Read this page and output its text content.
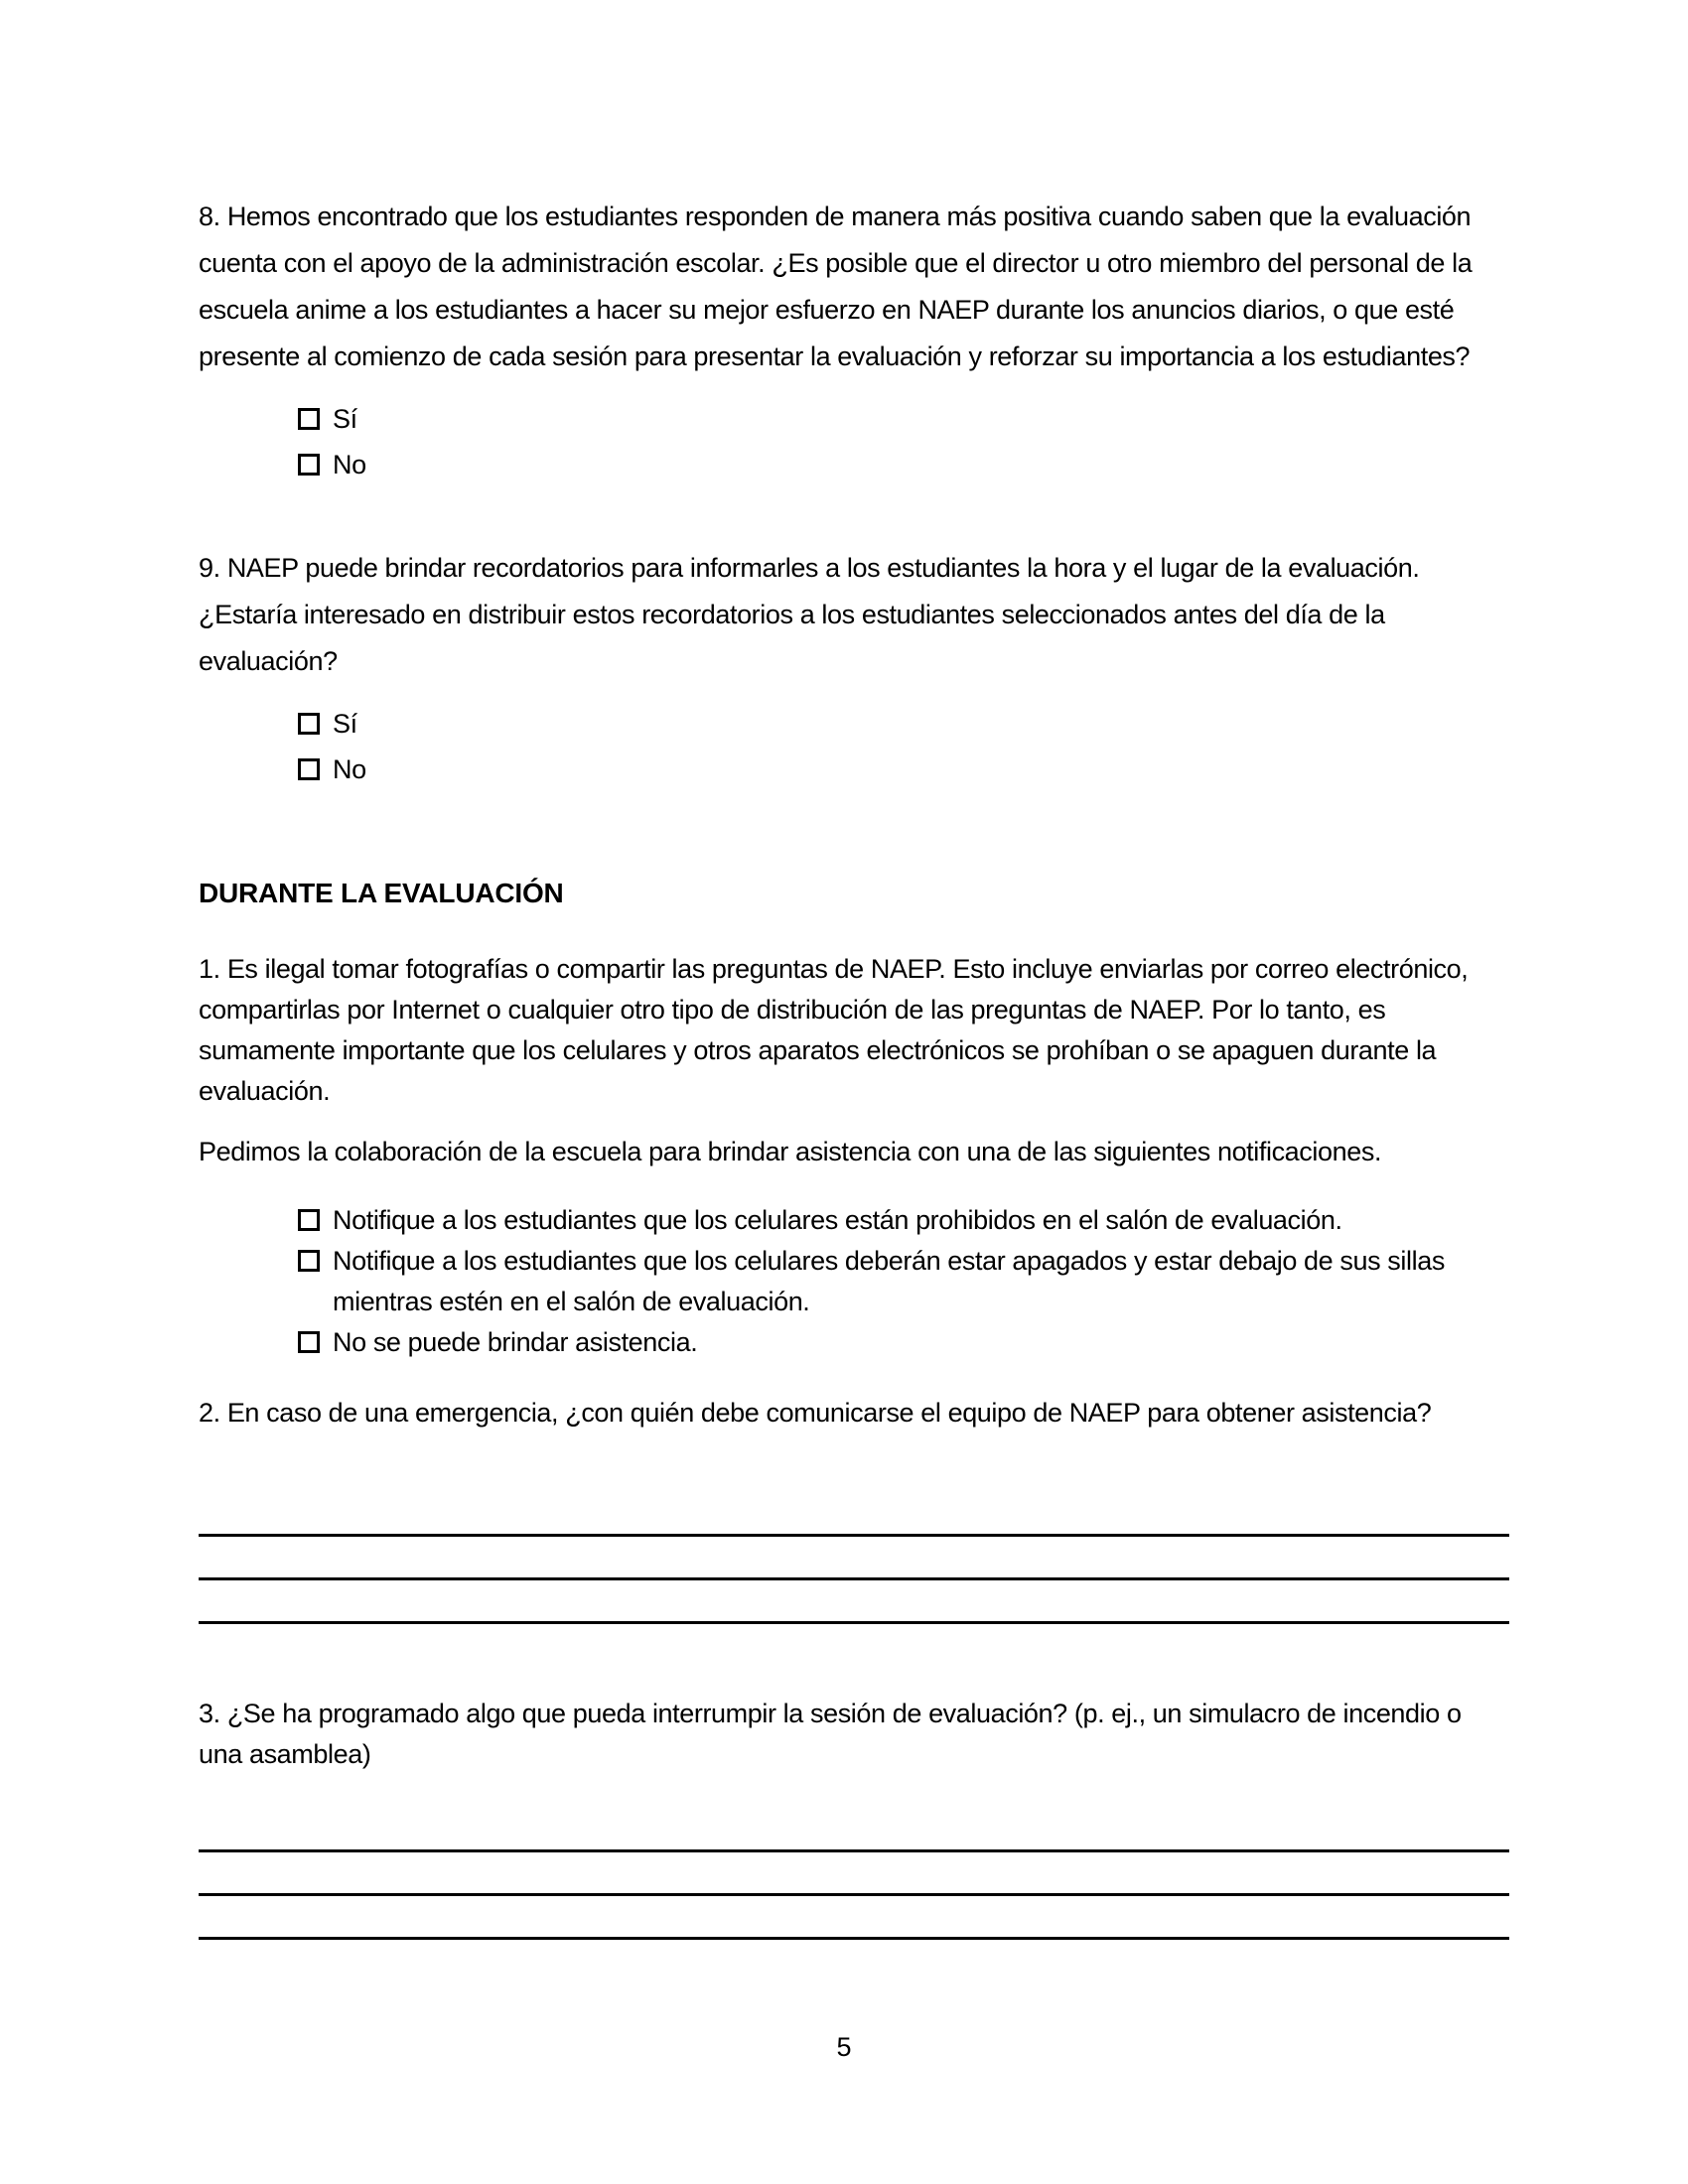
8. Hemos encontrado que los estudiantes responden de manera más positiva cuando saben que la evaluación cuenta con el apoyo de la administración escolar. ¿Es posible que el director u otro miembro del personal de la escuela anime a los estudiantes a hacer su mejor esfuerzo en NAEP durante los anuncios diarios, o que esté presente al comienzo de cada sesión para presentar la evaluación y reforzar su importancia a los estudiantes?

Sí
No

9. NAEP puede brindar recordatorios para informarles a los estudiantes la hora y el lugar de la evaluación. ¿Estaría interesado en distribuir estos recordatorios a los estudiantes seleccionados antes del día de la evaluación?

Sí
No
DURANTE LA EVALUACIÓN

1. Es ilegal tomar fotografías o compartir las preguntas de NAEP. Esto incluye enviarlas por correo electrónico, compartirlas por Internet o cualquier otro tipo de distribución de las preguntas de NAEP. Por lo tanto, es sumamente importante que los celulares y otros aparatos electrónicos se prohíban o se apaguen durante la evaluación.

Pedimos la colaboración de la escuela para brindar asistencia con una de las siguientes notificaciones.

Notifique a los estudiantes que los celulares están prohibidos en el salón de evaluación.
Notifique a los estudiantes que los celulares deberán estar apagados y estar debajo de sus sillas mientras estén en el salón de evaluación.
No se puede brindar asistencia.

2. En caso de una emergencia, ¿con quién debe comunicarse el equipo de NAEP para obtener asistencia?

3. ¿Se ha programado algo que pueda interrumpir la sesión de evaluación? (p. ej., un simulacro de incendio o una asamblea)

5
